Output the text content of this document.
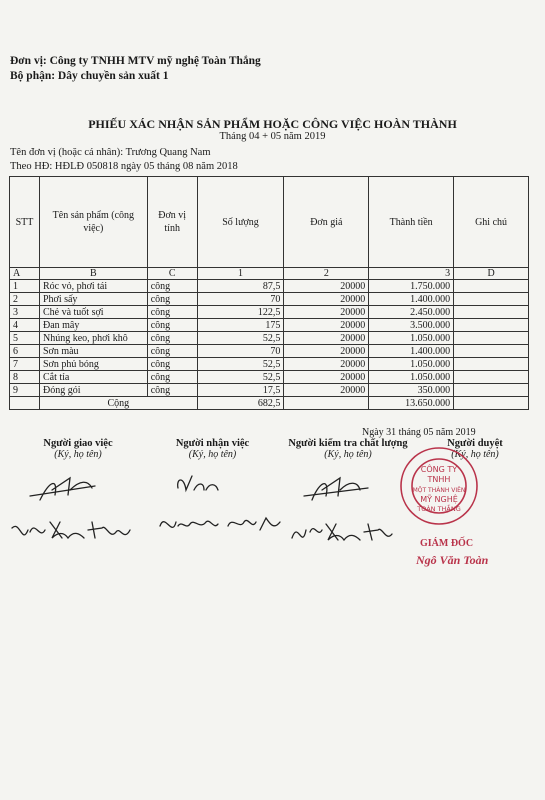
Đơn vị: Công ty TNHH MTV mỹ nghệ Toàn Thắng
Bộ phận: Dây chuyền sản xuất 1
PHIẾU XÁC NHẬN SẢN PHẨM HOẶC CÔNG VIỆC HOÀN THÀNH
Tháng 04 + 05 năm 2019
Tên đơn vị (hoặc cá nhân): Trương Quang Nam
Theo HĐ: HĐLĐ 050818 ngày 05 tháng 08 năm 2018
STT	Tên sản phẩm (công việc)	Đơn vị tính	Số lượng	Đơn giá	Thành tiền	Ghi chú
A	B	C	1	2	3	D
1	Róc vỏ, phơi tái	công	87,5	20000	1.750.000	
2	Phơi sấy	công	70	20000	1.400.000	
3	Chẻ và tuốt sợi	công	122,5	20000	2.450.000	
4	Đan mây	công	175	20000	3.500.000	
5	Nhúng keo, phơi khô	công	52,5	20000	1.050.000	
6	Sơn màu	công	70	20000	1.400.000	
7	Sơn phủ bóng	công	52,5	20000	1.050.000	
8	Cắt tỉa	công	52,5	20000	1.050.000	
9	Đóng gói	công	17,5	20000	350.000	
	Cộng		682,5		13.650.000	
Ngày 31 tháng 05 năm 2019
Người giao việc
(Ký, họ tên)
Người nhận việc
(Ký, họ tên)
Người kiểm tra chất lượng
(Ký, họ tên)
Người duyệt
(Ký, họ tên)
CÔNG TY
TNHH
MỘT THÀNH VIÊN
MỸ NGHỆ
TOÀN THẮNG
GIÁM ĐỐC
Ngô Văn Toàn
